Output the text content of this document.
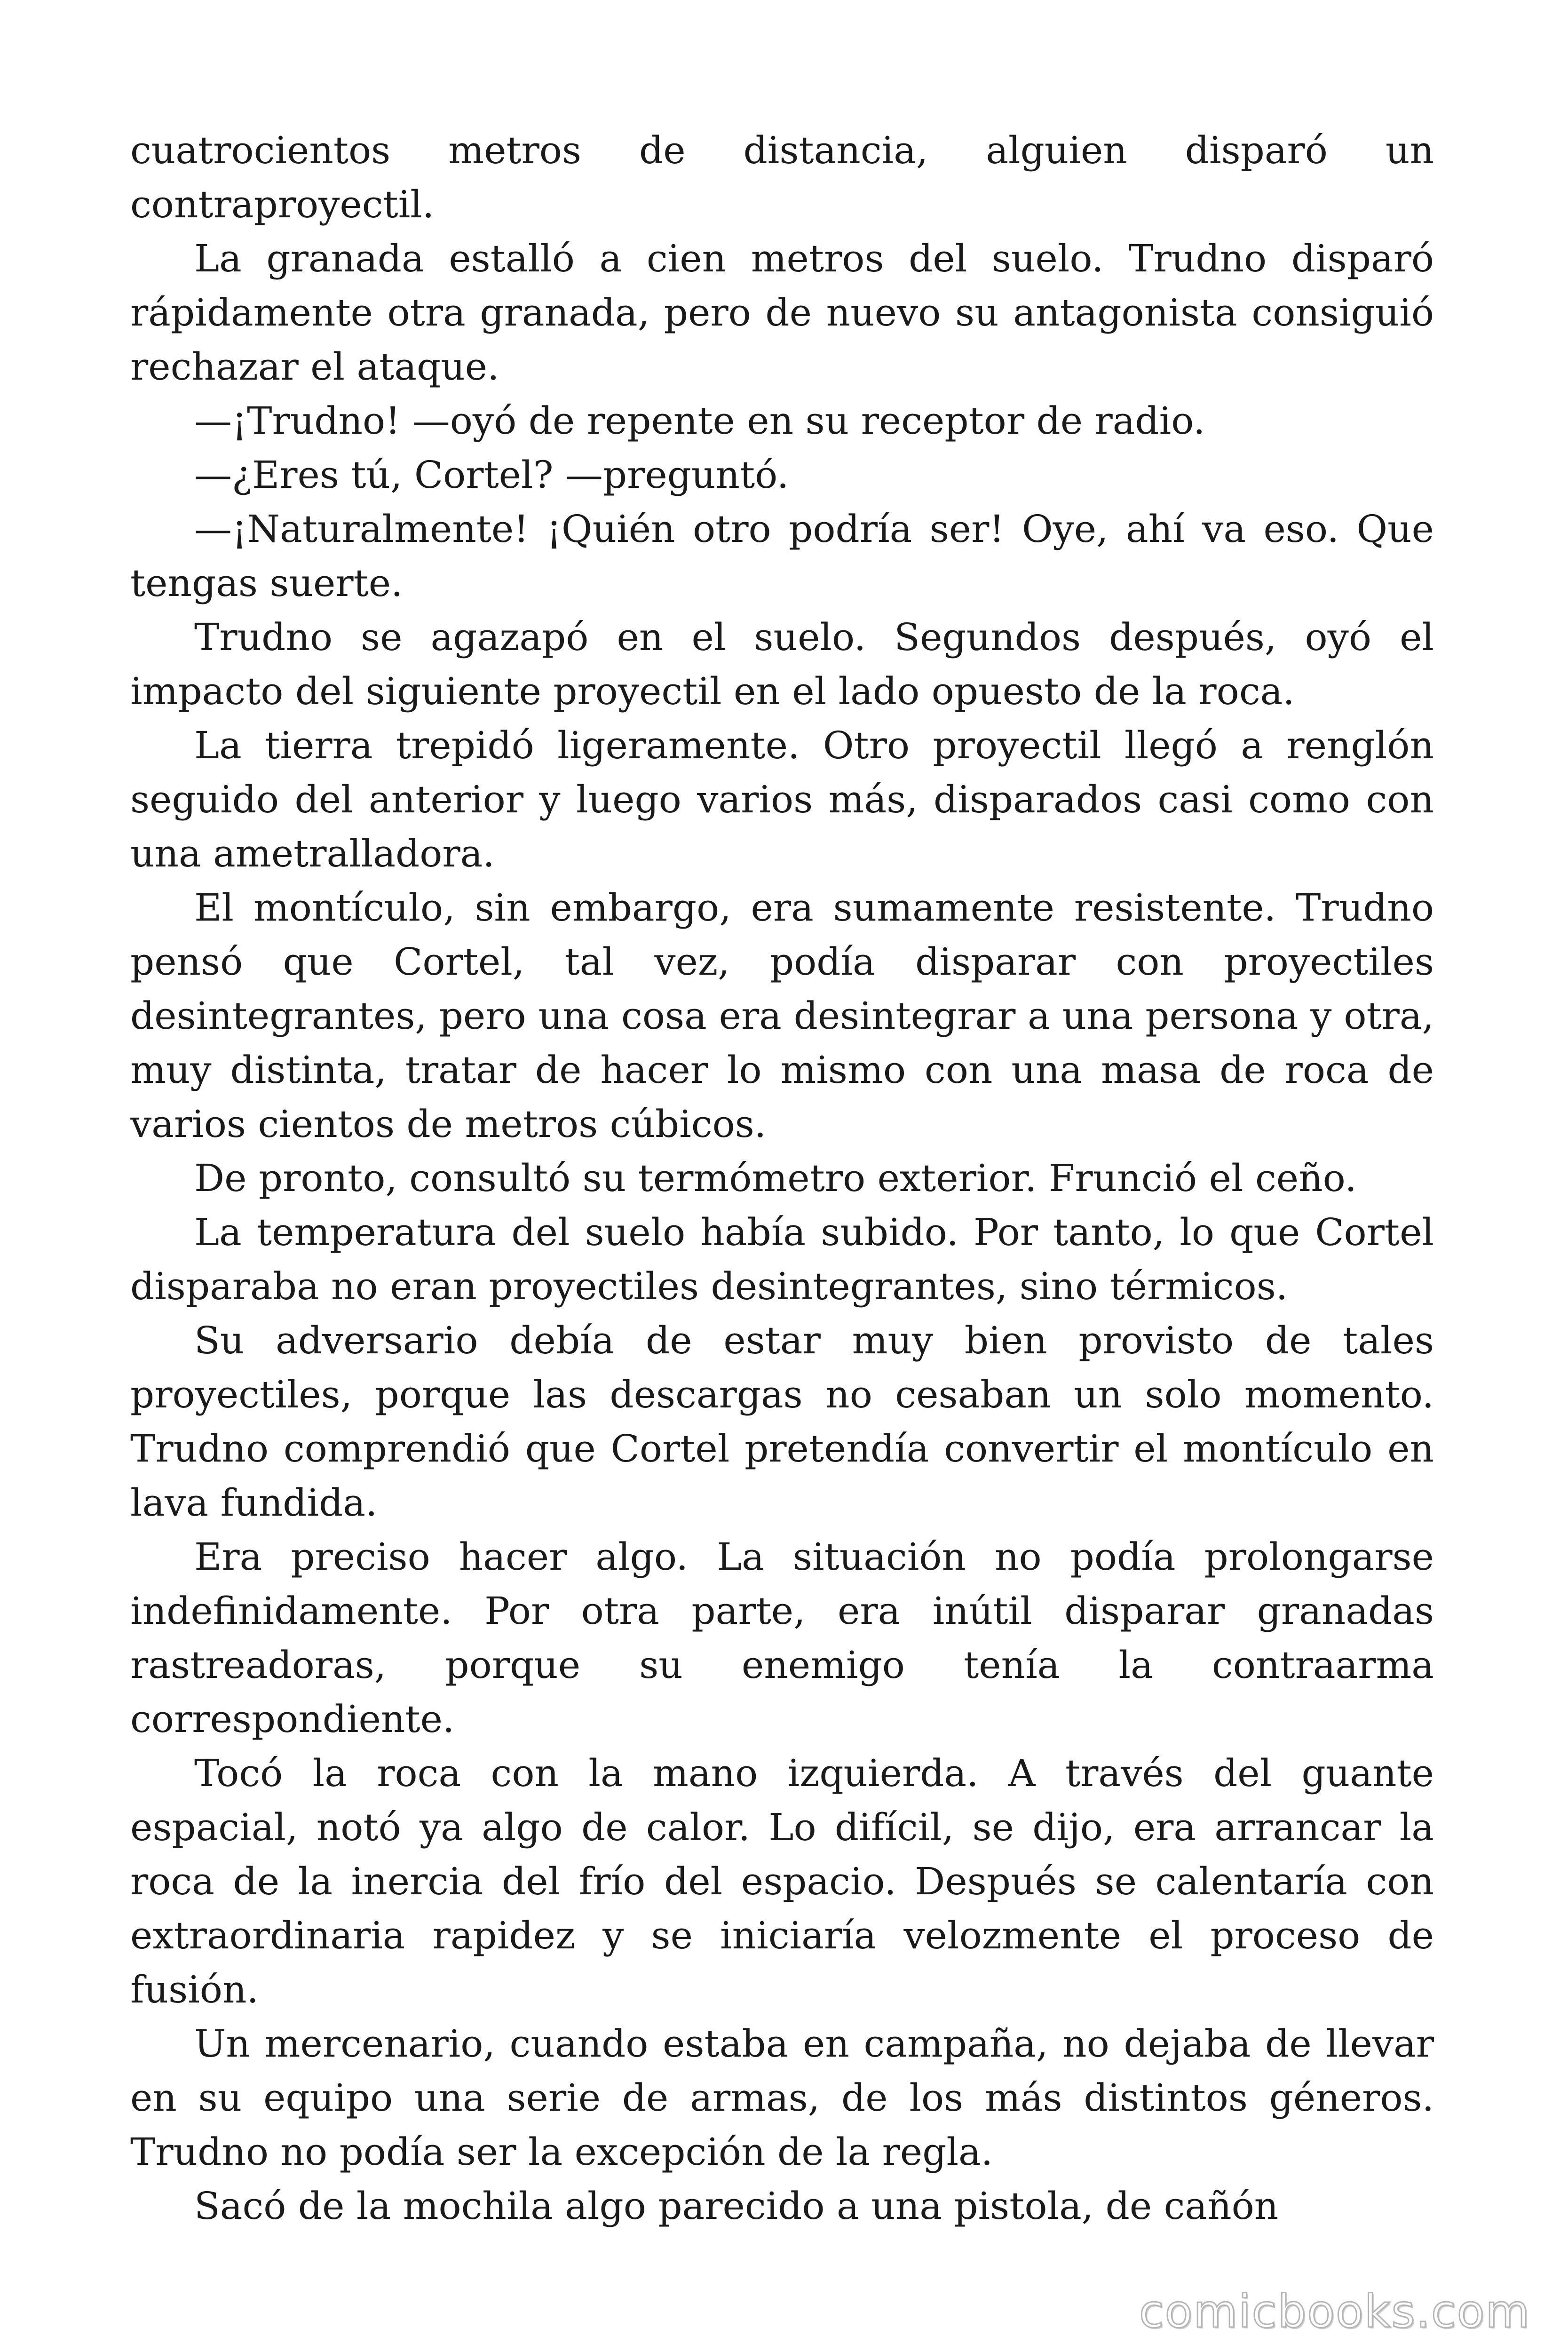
cuatrocientos metros de distancia, alguien disparó un contraproyectil.

La granada estalló a cien metros del suelo. Trudno disparó rápidamente otra granada, pero de nuevo su antagonista consiguió rechazar el ataque.

—¡Trudno! —oyó de repente en su receptor de radio.

—¿Eres tú, Cortel? —preguntó.

—¡Naturalmente! ¡Quién otro podría ser! Oye, ahí va eso. Que tengas suerte.

Trudno se agazapó en el suelo. Segundos después, oyó el impacto del siguiente proyectil en el lado opuesto de la roca.

La tierra trepidó ligeramente. Otro proyectil llegó a renglón seguido del anterior y luego varios más, disparados casi como con una ametralladora.

El montículo, sin embargo, era sumamente resistente. Trudno pensó que Cortel, tal vez, podía disparar con proyectiles desintegrantes, pero una cosa era desintegrar a una persona y otra, muy distinta, tratar de hacer lo mismo con una masa de roca de varios cientos de metros cúbicos.

De pronto, consultó su termómetro exterior. Frunció el ceño.

La temperatura del suelo había subido. Por tanto, lo que Cortel disparaba no eran proyectiles desintegrantes, sino térmicos.

Su adversario debía de estar muy bien provisto de tales proyectiles, porque las descargas no cesaban un solo momento. Trudno comprendió que Cortel pretendía convertir el montículo en lava fundida.

Era preciso hacer algo. La situación no podía prolongarse indefinidamente. Por otra parte, era inútil disparar granadas rastreadoras, porque su enemigo tenía la contraarma correspondiente.

Tocó la roca con la mano izquierda. A través del guante espacial, notó ya algo de calor. Lo difícil, se dijo, era arrancar la roca de la inercia del frío del espacio. Después se calentaría con extraordinaria rapidez y se iniciaría velozmente el proceso de fusión.

Un mercenario, cuando estaba en campaña, no dejaba de llevar en su equipo una serie de armas, de los más distintos géneros. Trudno no podía ser la excepción de la regla.

Sacó de la mochila algo parecido a una pistola, de cañón

comicbooks.com
